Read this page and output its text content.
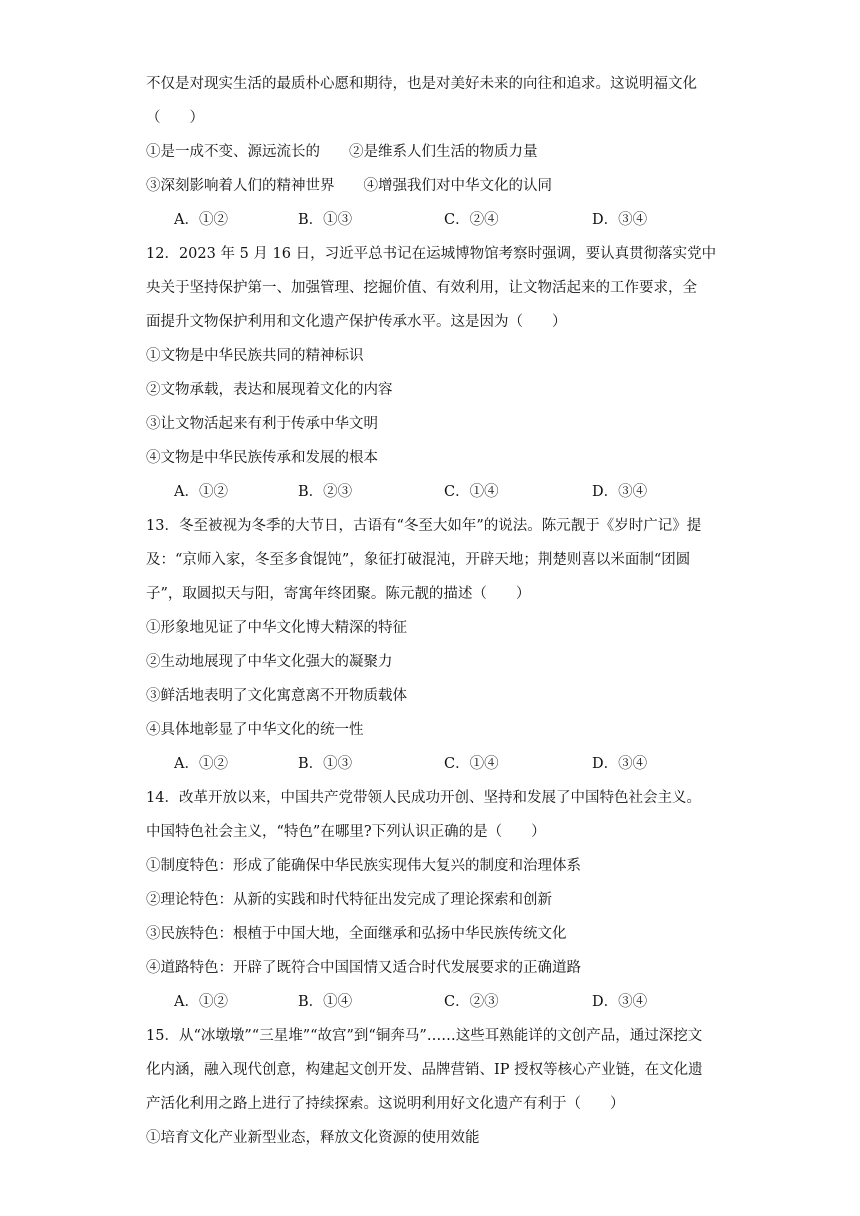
不仅是对现实生活的最质朴心愿和期待，也是对美好未来的向往和追求。这说明福文化
（　　）
①是一成不变、源远流长的　　②是维系人们生活的物质力量
③深刻影响着人们的精神世界　　④增强我们对中华文化的认同
A．①②	B．①③	C．②④	D．③④
12．2023 年 5 月 16 日，习近平总书记在运城博物馆考察时强调，要认真贯彻落实党中
央关于坚持保护第一、加强管理、挖掘价值、有效利用，让文物活起来的工作要求，全
面提升文物保护利用和文化遗产保护传承水平。这是因为（　　）
①文物是中华民族共同的精神标识
②文物承载，表达和展现着文化的内容
③让文物活起来有利于传承中华文明
④文物是中华民族传承和发展的根本
A．①②	B．②③	C．①④	D．③④
13．冬至被视为冬季的大节日，古语有“冬至大如年”的说法。陈元靓于《岁时广记》提
及：“京师入家，冬至多食馄饨”，象征打破混沌，开辟天地；荆楚则喜以米面制“团圆
子”，取圆拟天与阳，寄寓年终团聚。陈元靓的描述（　　）
①形象地见证了中华文化博大精深的特征
②生动地展现了中华文化强大的凝聚力
③鲜活地表明了文化寓意离不开物质载体
④具体地彰显了中华文化的统一性
A．①②	B．①③	C．①④	D．③④
14．改革开放以来，中国共产党带领人民成功开创、坚持和发展了中国特色社会主义。
中国特色社会主义，“特色”在哪里?下列认识正确的是（　　）
①制度特色：形成了能确保中华民族实现伟大复兴的制度和治理体系
②理论特色：从新的实践和时代特征出发完成了理论探索和创新
③民族特色：根植于中国大地，全面继承和弘扬中华民族传统文化
④道路特色：开辟了既符合中国国情又适合时代发展要求的正确道路
A．①②	B．①④	C．②③	D．③④
15．从“冰墩墩”“三星堆”“故宫”到“铜奔马”……这些耳熟能详的文创产品，通过深挖文
化内涵，融入现代创意，构建起文创开发、品牌营销、IP 授权等核心产业链，在文化遗
产活化利用之路上进行了持续探索。这说明利用好文化遗产有利于（　　）
①培育文化产业新型业态，释放文化资源的使用效能
